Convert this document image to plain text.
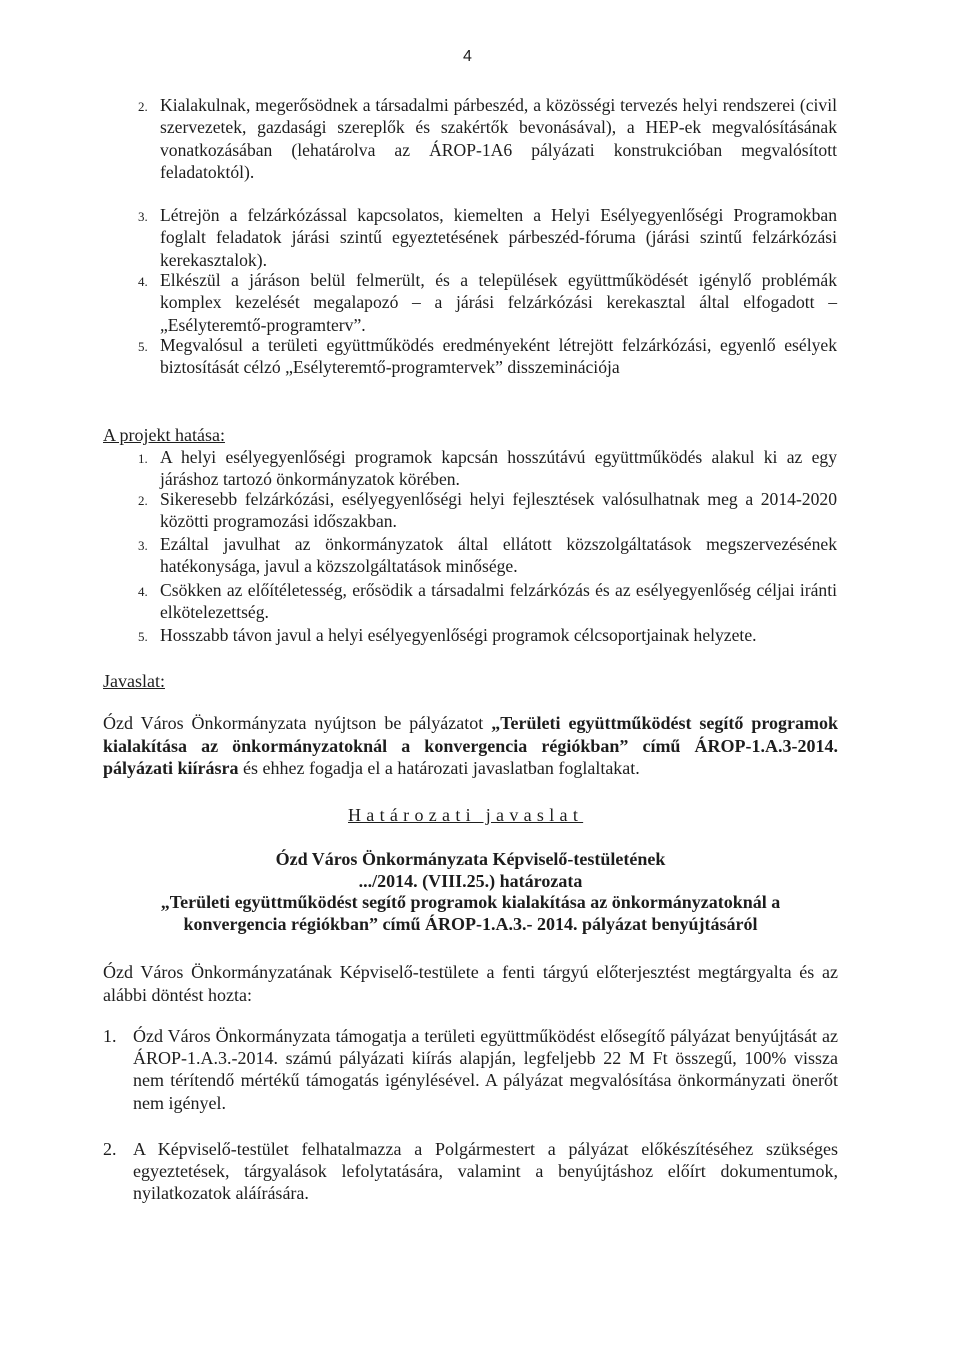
4
2. Kialakulnak, megerősödnek a társadalmi párbeszéd, a közösségi tervezés helyi rendszerei (civil szervezetek, gazdasági szereplők és szakértők bevonásával), a HEP-ek megvalósításának vonatkozásában (lehatárolva az ÁROP-1A6 pályázati konstrukcióban megvalósított feladatoktól).
3. Létrejön a felzárkózással kapcsolatos, kiemelten a Helyi Esélyegyenlőségi Programokban foglalt feladatok járási szintű egyeztetésének párbeszéd-fóruma (járási szintű felzárkózási kerekasztalok).
4. Elkészül a járáson belül felmerült, és a települések együttműködését igénylő problémák komplex kezelését megalapozó – a járási felzárkózási kerekasztal által elfogadott – „Esélyteremtő-programterv”.
5. Megvalósul a területi együttműködés eredményeként létrejött felzárkózási, egyenlő esélyek biztosítását célzó „Esélyteremtő-programtervek” disszeminációja
A projekt hatása:
1. A helyi esélyegyenlőségi programok kapcsán hosszútávú együttműködés alakul ki az egy járáshoz tartozó önkormányzatok körében.
2. Sikeresebb felzárkózási, esélyegyenlőségi helyi fejlesztések valósulhatnak meg a 2014-2020 közötti programozási időszakban.
3. Ezáltal javulhat az önkormányzatok által ellátott közszolgáltatások megszervezésének hatékonysága, javul a közszolgáltatások minősége.
4. Csökken az előítéletesség, erősödik a társadalmi felzárkózás és az esélyegyenlőség céljai iránti elkötelezettség.
5. Hosszabb távon javul a helyi esélyegyenlőségi programok célcsoportjainak helyzete.
Javaslat:
Ózd Város Önkormányzata nyújtson be pályázatot „Területi együttműködést segítő programok kialakítása az önkormányzatoknál a konvergencia régiókban” című ÁROP-1.A.3-2014. pályázati kiírásra és ehhez fogadja el a határozati javaslatban foglaltakat.
Határozati javaslat
Ózd Város Önkormányzata Képviselő-testületének
.../2014. (VIII.25.) határozata
„Területi együttműködést segítő programok kialakítása az önkormányzatoknál a konvergencia régiókban” című ÁROP-1.A.3.- 2014. pályázat benyújtásáról
Ózd Város Önkormányzatának Képviselő-testülete a fenti tárgyú előterjesztést megtárgyalta és az alábbi döntést hozta:
1. Ózd Város Önkormányzata támogatja a területi együttműködést elősegítő pályázat benyújtását az ÁROP-1.A.3.-2014. számú pályázati kiírás alapján, legfeljebb 22 M Ft összegű, 100% vissza nem térítendő mértékű támogatás igénylésével. A pályázat megvalósítása önkormányzati önerőt nem igényel.
2. A Képviselő-testület felhatalmazza a Polgármestert a pályázat előkészítéséhez szükséges egyeztetések, tárgyalások lefolytatására, valamint a benyújtáshoz előírt dokumentumok, nyilatkozatok aláírására.
